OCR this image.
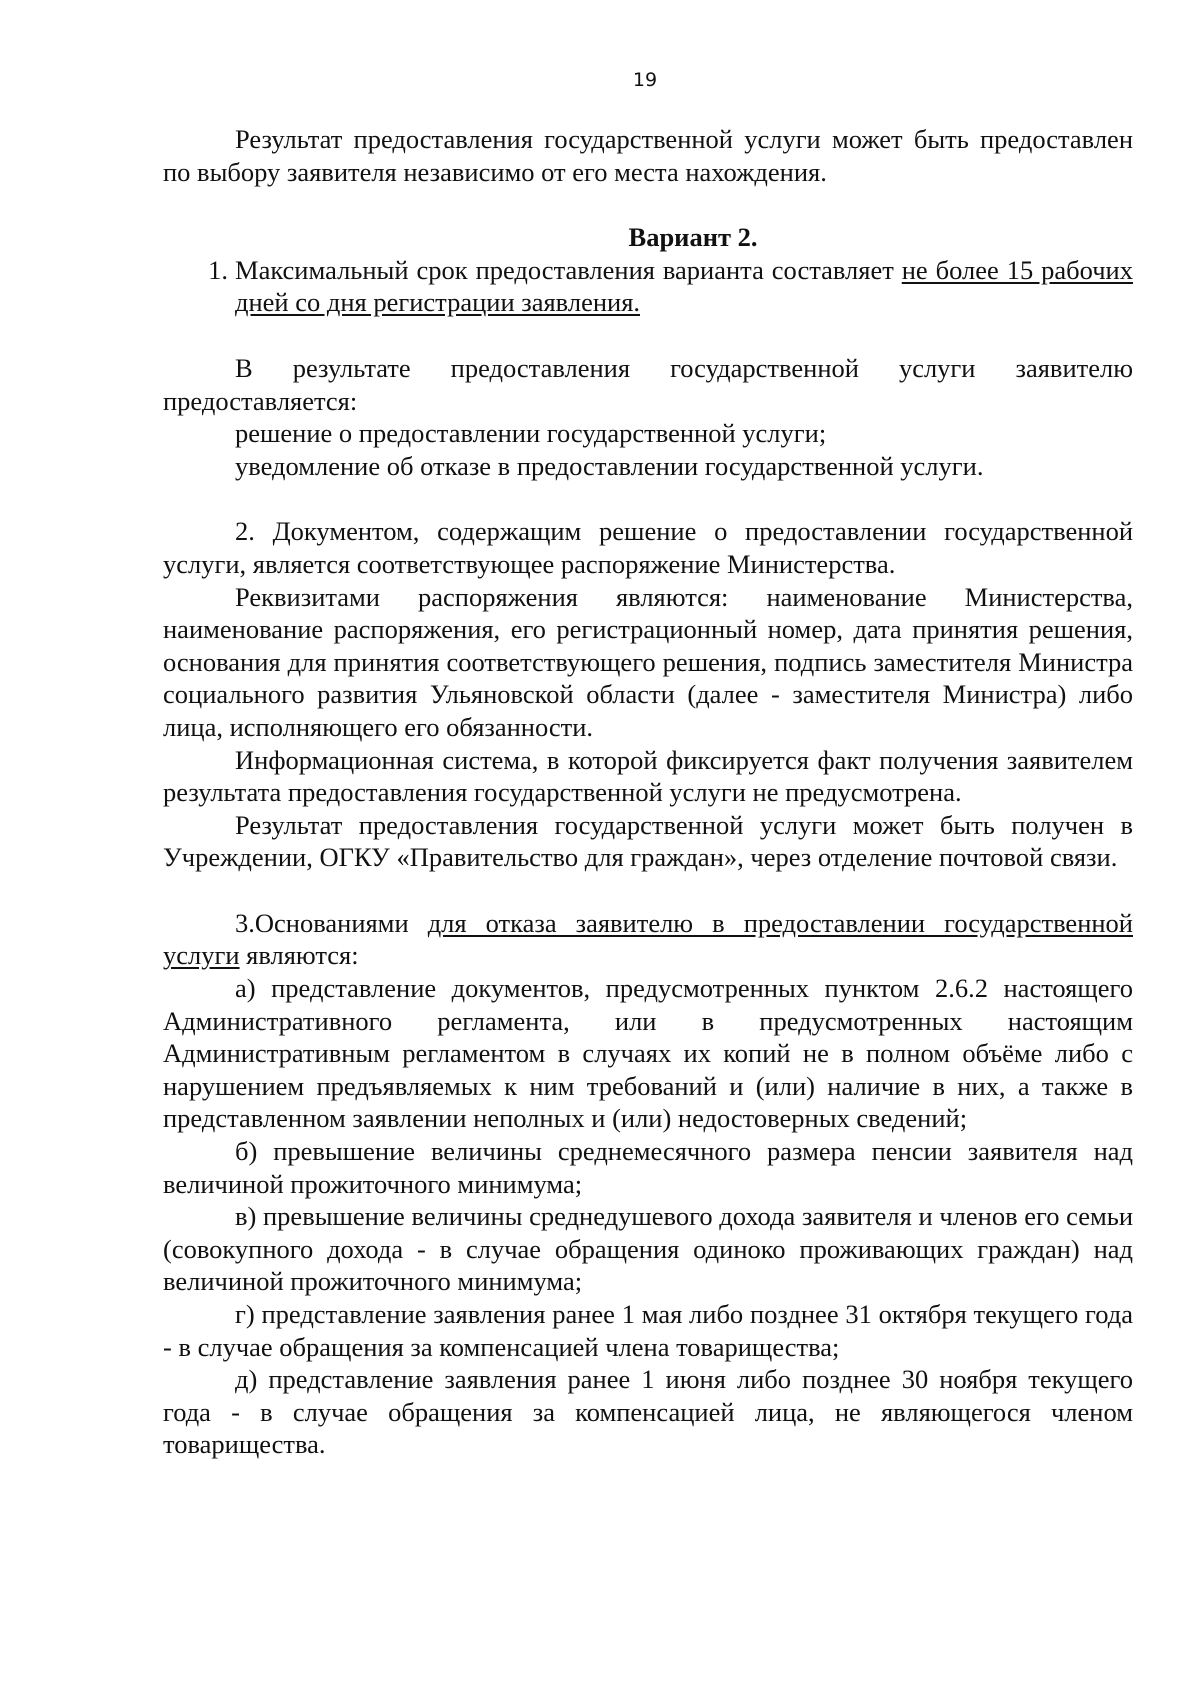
19

Результат предоставления государственной услуги может быть предоставлен по выбору заявителя независимо от его места нахождения.

Вариант 2.

1. Максимальный срок предоставления варианта составляет не более 15 рабочих дней со дня регистрации заявления.

В результате предоставления государственной услуги заявителю предоставляется:

решение о предоставлении государственной услуги;

уведомление об отказе в предоставлении государственной услуги.

2. Документом, содержащим решение о предоставлении государственной услуги, является соответствующее распоряжение Министерства.

Реквизитами распоряжения являются: наименование Министерства, наименование распоряжения, его регистрационный номер, дата принятия решения, основания для принятия соответствующего решения, подпись заместителя Министра социального развития Ульяновской области (далее - заместителя Министра) либо лица, исполняющего его обязанности.

Информационная система, в которой фиксируется факт получения заявителем результата предоставления государственной услуги не предусмотрена.

Результат предоставления государственной услуги может быть получен в Учреждении, ОГКУ «Правительство для граждан», через отделение почтовой связи.

3.Основаниями для отказа заявителю в предоставлении государственной услуги являются:

а) представление документов, предусмотренных пунктом 2.6.2 настоящего Административного регламента, или в предусмотренных настоящим Административным регламентом в случаях их копий не в полном объёме либо с нарушением предъявляемых к ним требований и (или) наличие в них, а также в представленном заявлении неполных и (или) недостоверных сведений;

б) превышение величины среднемесячного размера пенсии заявителя над величиной прожиточного минимума;

в) превышение величины среднедушевого дохода заявителя и членов его семьи (совокупного дохода - в случае обращения одиноко проживающих граждан) над величиной прожиточного минимума;

г) представление заявления ранее 1 мая либо позднее 31 октября текущего года - в случае обращения за компенсацией члена товарищества;

д) представление заявления ранее 1 июня либо позднее 30 ноября текущего года - в случае обращения за компенсацией лица, не являющегося членом товарищества.
